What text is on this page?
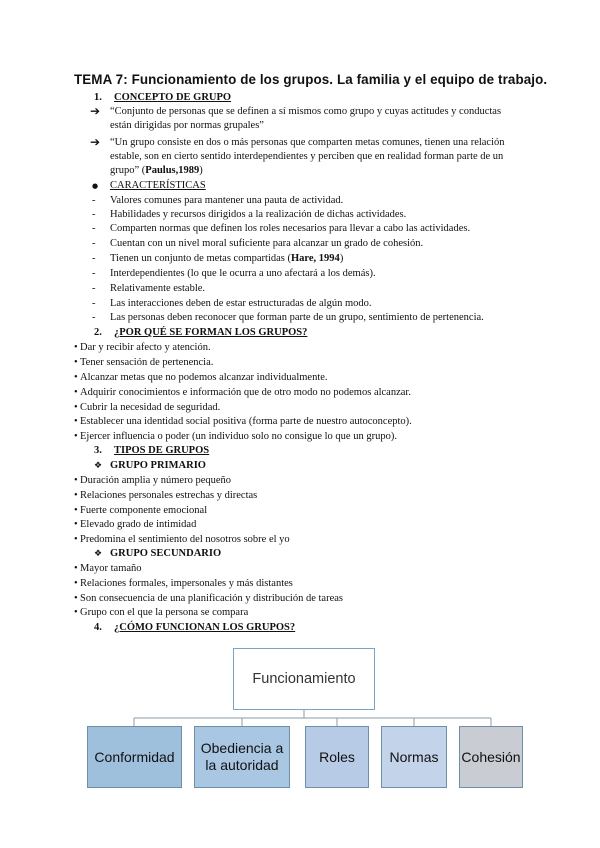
TEMA 7: Funcionamiento de los grupos. La familia y el equipo de trabajo.
1. CONCEPTO DE GRUPO
➔ “Conjunto de personas que se definen a sí mismos como grupo y cuyas actitudes y conductas
están dirigidas por normas grupales”
➔ “Un grupo consiste en dos o más personas que comparten metas comunes, tienen una relación
estable, son en cierto sentido interdependientes y perciben que en realidad forman parte de un
grupo” (Paulus,1989)
● CARACTERÍSTICAS
- Valores comunes para mantener una pauta de actividad.
- Habilidades y recursos dirigidos a la realización de dichas actividades.
- Comparten normas que definen los roles necesarios para llevar a cabo las actividades.
- Cuentan con un nivel moral suficiente para alcanzar un grado de cohesión.
- Tienen un conjunto de metas compartidas (Hare, 1994)
- Interdependientes (lo que le ocurra a uno afectará a los demás).
- Relativamente estable.
- Las interacciones deben de estar estructuradas de algún modo.
- Las personas deben reconocer que forman parte de un grupo, sentimiento de pertenencia.
2. ¿POR QUÉ SE FORMAN LOS GRUPOS?
• Dar y recibir afecto y atención.
• Tener sensación de pertenencia.
• Alcanzar metas que no podemos alcanzar individualmente.
• Adquirir conocimientos e información que de otro modo no podemos alcanzar.
• Cubrir la necesidad de seguridad.
• Establecer una identidad social positiva (forma parte de nuestro autoconcepto).
• Ejercer influencia o poder (un individuo solo no consigue lo que un grupo).
3. TIPOS DE GRUPOS
❖ GRUPO PRIMARIO
• Duración amplia y número pequeño
• Relaciones personales estrechas y directas
• Fuerte componente emocional
• Elevado grado de intimidad
• Predomina el sentimiento del nosotros sobre el yo
❖ GRUPO SECUNDARIO
• Mayor tamaño
• Relaciones formales, impersonales y más distantes
• Son consecuencia de una planificación y distribución de tareas
• Grupo con el que la persona se compara
4. ¿CÓMO FUNCIONAN LOS GRUPOS?
Funcionamiento
Conformidad
Obediencia a la autoridad
Roles	Normas	Cohesión
